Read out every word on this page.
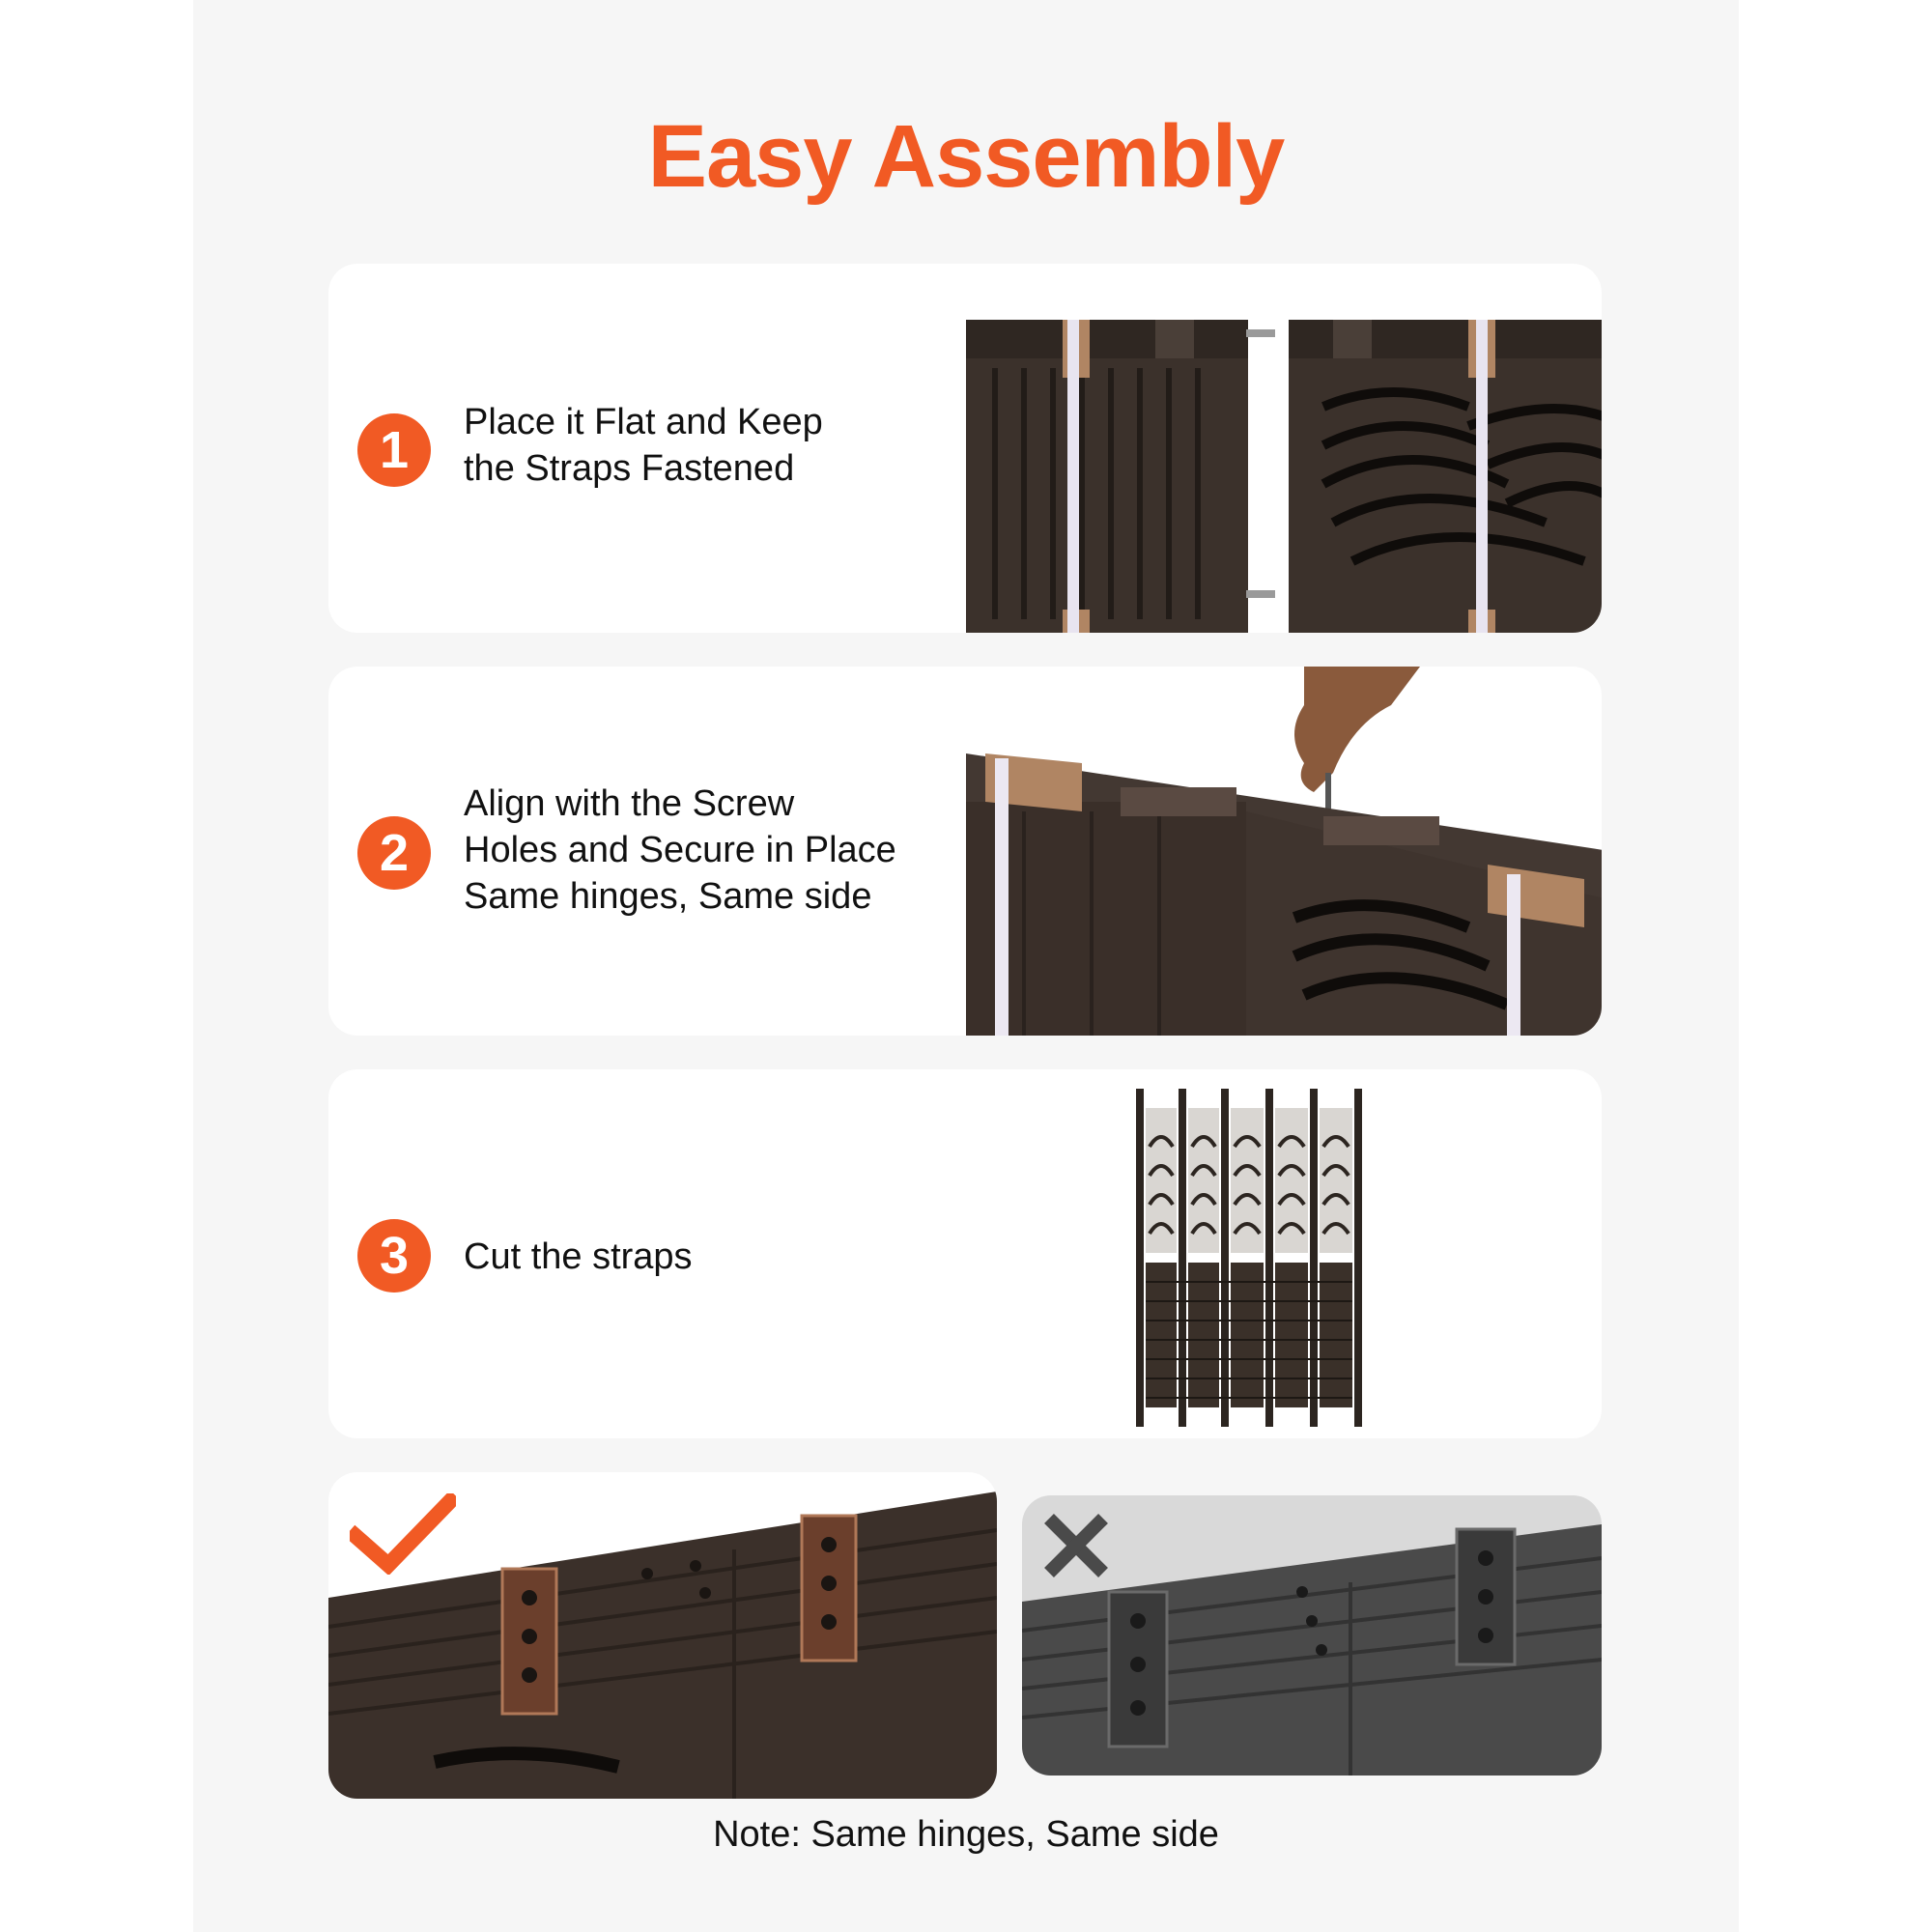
Easy Assembly
1	Place it Flat and Keep
the Straps Fastened
2
Align with the Screw
Holes and Secure in Place
Same hinges, Same side
3	Cut the straps
Note: Same hinges, Same side
